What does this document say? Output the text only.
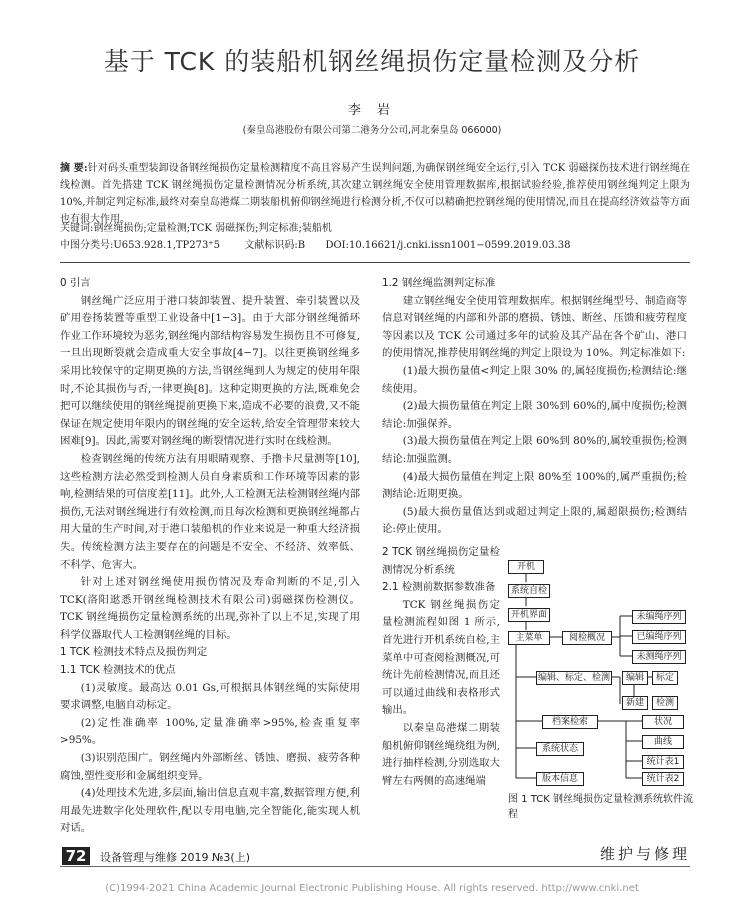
基于 TCK 的装船机钢丝绳损伤定量检测及分析
李 岩
(秦皇岛港股份有限公司第二港务分公司,河北秦皇岛 066000)
摘 要:针对码头重型装卸设备钢丝绳损伤定量检测精度不高且容易产生误判问题,为确保钢丝绳安全运行,引入 TCK 弱磁探伤技术进行钢丝绳在线检测。首先搭建 TCK 钢丝绳损伤定量检测情况分析系统,其次建立钢丝绳安全使用管理数据库,根据试验经验,推荐使用钢丝绳判定上限为 10%,并制定判定标准,最终对秦皇岛港煤二期装船机俯仰钢丝绳进行检测分析,不仅可以精确把控钢丝绳的使用情况,而且在提高经济效益等方面也有很大作用。
关键词:钢丝绳损伤;定量检测;TCK 弱磁探伤;判定标准;装船机
中图分类号:U653.928.1,TP273⁺5 文献标识码:B DOI:10.16621/j.cnki.issn1001−0599.2019.03.38

0 引言

钢丝绳广泛应用于港口装卸装置、提升装置、牵引装置以及矿用卷扬装置等重型工业设备中[1−3]。由于大部分钢丝绳循环作业工作环境较为恶劣,钢丝绳内部结构容易发生损伤且不可修复,一旦出现断裂就会造成重大安全事故[4−7]。以往更换钢丝绳多采用比较保守的定期更换的方法,当钢丝绳到人为规定的使用年限时,不论其损伤与否,一律更换[8]。这种定期更换的方法,既难免会把可以继续使用的钢丝绳提前更换下来,造成不必要的浪费,又不能保证在规定使用年限内的钢丝绳的安全运转,给安全管理带来较大困难[9]。因此,需要对钢丝绳的断裂情况进行实时在线检测。

检查钢丝绳的传统方法有用眼睛观察、手撸卡尺量测等[10],这些检测方法必然受到检测人员自身素质和工作环境等因素的影响,检测结果的可信度差[11]。此外,人工检测无法检测钢丝绳内部损伤,无法对钢丝绳进行有效检测,而且每次检测和更换钢丝绳都占用大量的生产时间,对于港口装船机的作业来说是一种重大经济损失。传统检测方法主要存在的问题是不安全、不经济、效率低、不科学、危害大。

针对上述对钢丝绳使用损伤情况及寿命判断的不足,引入TCK(洛阳逖悉开钢丝绳检测技术有限公司)弱磁探伤检测仪。TCK 钢丝绳损伤定量检测系统的出现,弥补了以上不足,实现了用科学仪器取代人工检测钢丝绳的目标。

1 TCK 检测技术特点及损伤判定

1.1 TCK 检测技术的优点

(1)灵敏度。最高达 0.01 Gs,可根据具体钢丝绳的实际使用要求调整,电脑自动标定。

(2)定性准确率 100%,定量准确率>95%,检查重复率>95%。

(3)识别范围广。钢丝绳内外部断丝、锈蚀、磨损、疲劳各种腐蚀,塑性变形和金属组织变异。

(4)处理技术先进,多层面,输出信息直观丰富,数据管理方便,利用最先进数字化处理软件,配以专用电脑,完全智能化,能实现人机对话。

1.2 钢丝绳监测判定标准

建立钢丝绳安全使用管理数据库。根据钢丝绳型号、制造商等信息对钢丝绳的内部和外部的磨损、锈蚀、断丝、压馈和疲劳程度等因素以及 TCK 公司通过多年的试验及其产品在各个矿山、港口的使用情况,推荐使用钢丝绳的判定上限设为 10%。判定标准如下:

(1)最大损伤量值<判定上限 30% 的,属轻度损伤;检测结论:继续使用。

(2)最大损伤量值在判定上限 30%到 60%的,属中度损伤;检测结论:加强保养。

(3)最大损伤量值在判定上限 60%到 80%的,属较重损伤;检测结论:加强监测。

(4)最大损伤量值在判定上限 80%至 100%的,属严重损伤;检测结论:近期更换。

(5)最大损伤量值达到或超过判定上限的,属超限损伤;检测结论:停止使用。

2 TCK 钢丝绳损伤定量检测情况分析系统

2.1 检测前数据参数准备

TCK 钢丝绳损伤定量检测流程如图 1 所示,首先进行开机系统自检,主菜单中可查阅检测概况,可统计先前检测情况,而且还可以通过曲线和表格形式输出。

以秦皇岛港煤二期装船机俯仰钢丝绳绕组为例,进行抽样检测,分别选取大臂左右两侧的高速绳端

开机
系统自检
开机界面
主菜单	阅检概况
未编绳序列
已编绳序列
未测绳序列
编辑、标定、检测	编辑	标定
新建	检测
档案检索	状况
曲线
系统状态
统计表1
版本信息	统计表2
图 1 TCK 钢丝绳损伤定量检测系统软件流程
72	设备管理与维修 2019 №3(上)	维护与修理
(C)1994-2021 China Academic Journal Electronic Publishing House. All rights reserved. http://www.cnki.net
